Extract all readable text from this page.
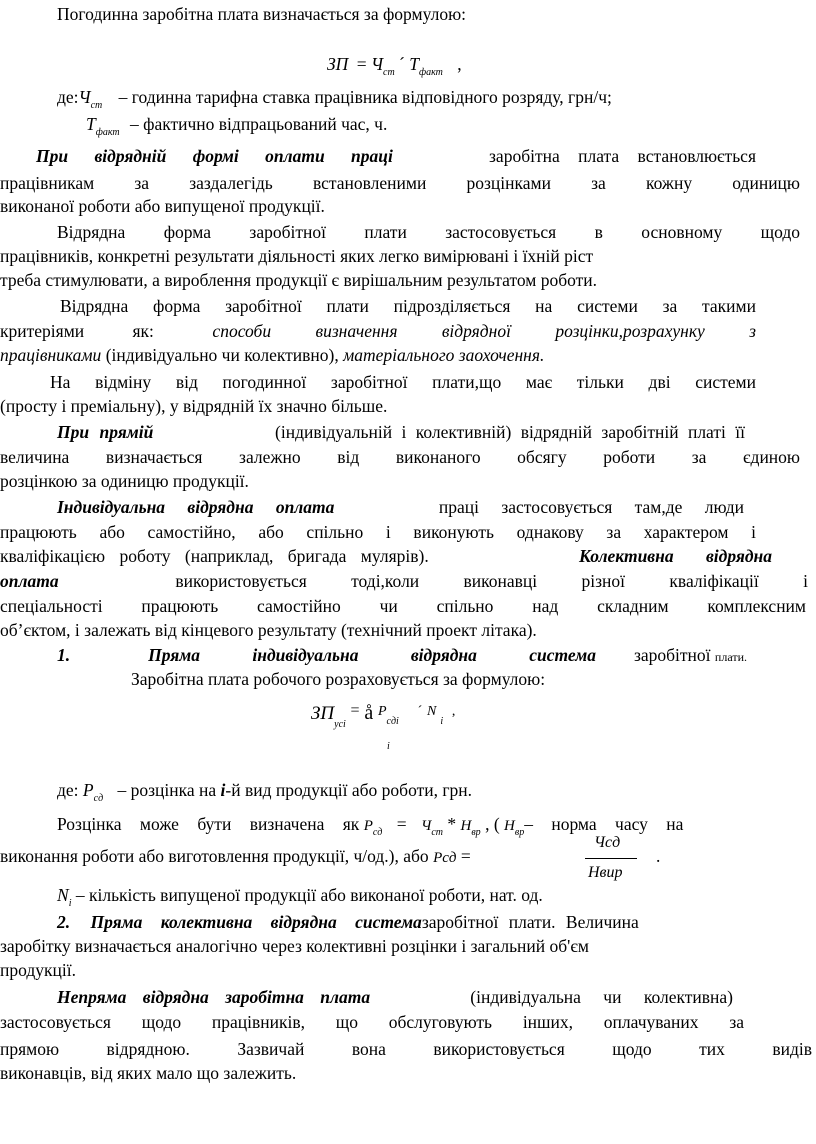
Погодинна заробітна плата визначається за формулою:
ЗП = $Ч_{ст}$ ´ $Т_{факт}$ ,
$де:Ч_{ст}$ – годинна тарифна ставка працівника відповідного розряду, грн/ч;
$Т_{факт}$ – фактично відпрацьований час, ч.
При відрядній формі оплати праці	заробітна плата встановлюється
працівникам за заздалегідь встановленими розцінками за кожну одиницю
виконаної роботи або випущеної продукції.
Відрядна форма заробітної плати застосовується в основному щодо
працівників, конкретні результати діяльності яких легко вимірювані і їхній ріст
треба стимулювати, а вироблення продукції є вирішальним результатом роботи.
Відрядна форма заробітної плати підрозділяється на системи за такими
критеріями як:	способи визначення відрядної розцінки,розрахунку з
працівниками (індивідуально чи колективно), матеріального заохочення.
На відміну від погодинної заробітної плати,що має тільки дві системи
(просту і преміальну), у відрядній їх значно більше.
При прямій	(індивідуальній і колективній) відрядній заробітній платі її
величина визначається залежно від виконаного обсягу роботи за єдиною
розцінкою за одиницю продукції.
Індивідуальна відрядна оплата	праці застосовується там,де люди
працюють або самостійно, або спільно і виконують однакову за характером і
кваліфікацією роботу (наприклад, бригада мулярів).	Колективна відрядна
оплата	використовується тоді,коли виконавці різної кваліфікації і
спеціальності працюють самостійно чи спільно над складним комплексним
об’єктом, і залежать від кінцевого результату (технічний проект літака).
1.	Пряма індивідуальна відрядна система заробітної плати.
Заробітна плата робочого розраховується за формулою:
$ЗП_{усі}$ = å $^Р_{сді}$ ´ $^N_і$ ,
і
де: $Р_{сд}$ – розцінка на і-й вид продукції або роботи, грн.
Розцінка може бути визначена як $Р_{сд} = Ч_{ст} * Н_{вр}$ , ( $Н_{вр}-$ норма часу на
виконання роботи або виготовлення продукції, ч/од.), або Рсд =
Чсд
Нвир
.
$N_і$ – кількість випущеної продукції або виконаної роботи, нат. од.
2. Пряма колективна відрядна системазаробітної плати. Величина
заробітку визначається аналогічно через колективні розцінки і загальний об'єм
продукції.
Непряма відрядна заробітна плата	(індивідуальна чи колективна)
застосовується щодо працівників, що обслуговують інших, оплачуваних за
прямою відрядною. Зазвичай вона використовується щодо тих видів
виконавців, від яких мало що залежить.
